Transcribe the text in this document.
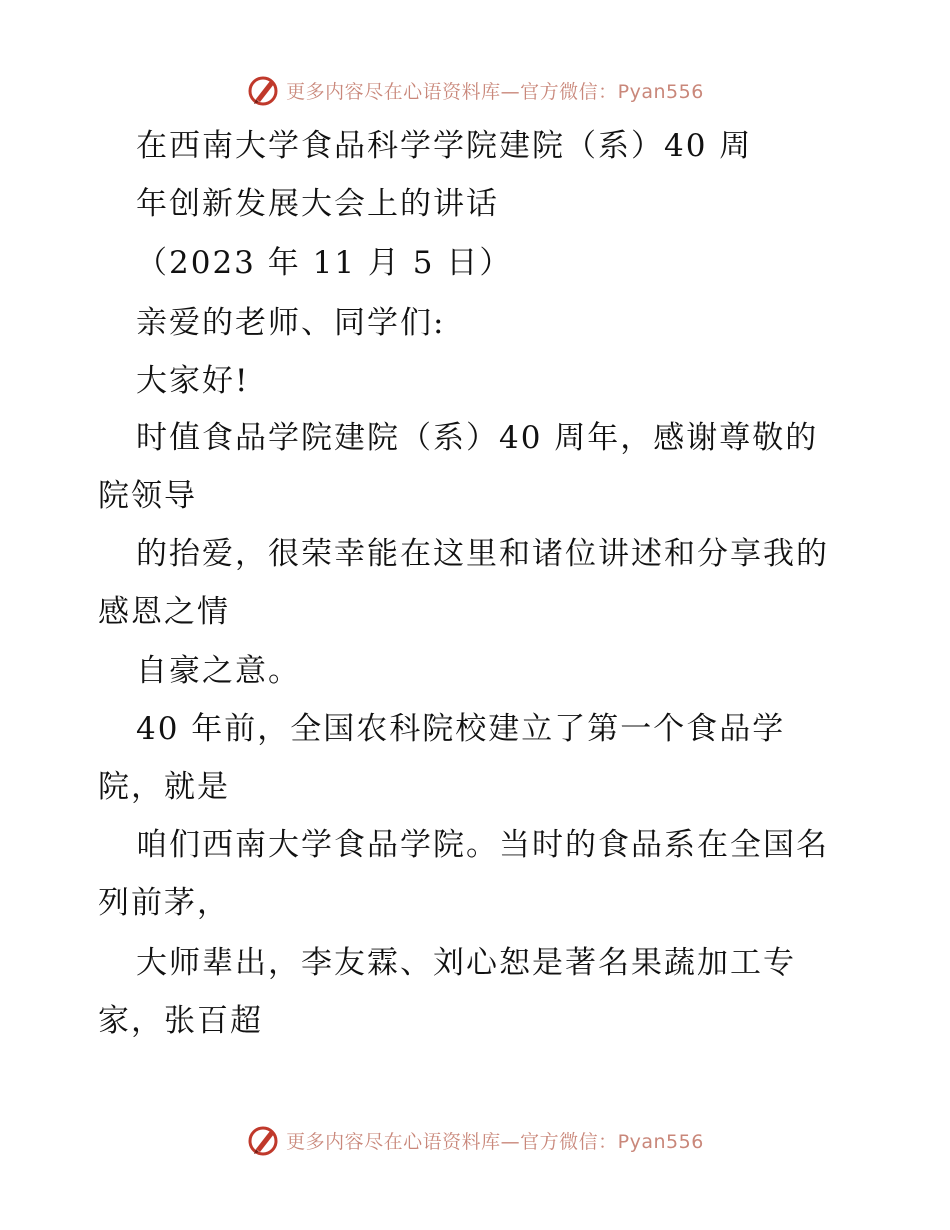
更多内容尽在心语资料库—官方微信：Pyan556
在西南大学食品科学学院建院（系）40 周
年创新发展大会上的讲话
（2023 年 11 月 5 日）
亲爱的老师、同学们:
大家好!
时值食品学院建院（系）40 周年，感谢尊敬的
院领导
的抬爱，很荣幸能在这里和诸位讲述和分享我的
感恩之情
自豪之意。
40 年前，全国农科院校建立了第一个食品学
院，就是
咱们西南大学食品学院。当时的食品系在全国名
列前茅，
大师辈出，李友霖、刘心恕是著名果蔬加工专
家，张百超
更多内容尽在心语资料库—官方微信：Pyan556
